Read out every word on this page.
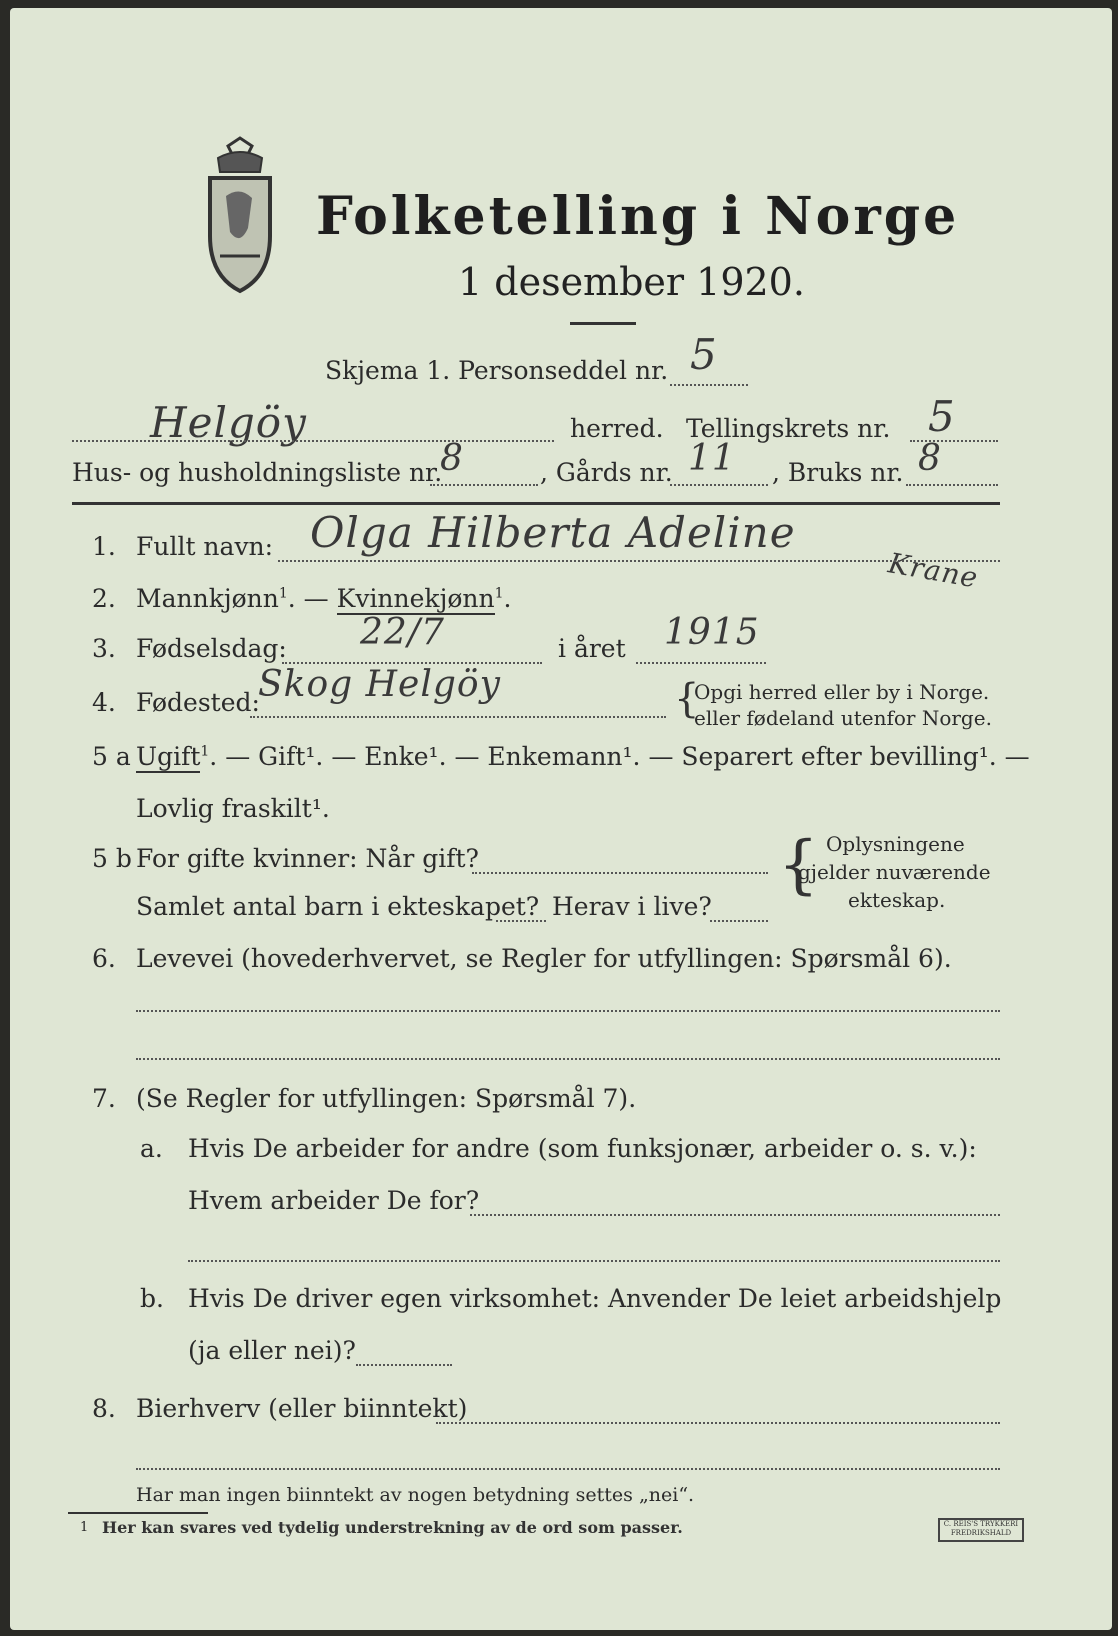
Folketelling i Norge
1 desember 1920.
Skjema 1. Personseddel nr. 5
Helgöy	herred. Tellingskrets nr. 5
Hus- og husholdningsliste nr.
8	, Gårds nr. 11 , Bruks nr. 8
1. Fullt navn: Olga Hilberta Adeline
Krane
2. Mannkjønn$^1$. — Kvinnekjønn$^1$.
3. Fødselsdag: 22/7	i året 1915
4. Fødested:
Skog Helgöy	{
Opgi herred eller by i Norge.
eller fødeland utenfor Norge.
5 a Ugift$^1$. — Gift¹. — Enke¹. — Enkemann¹. — Separert efter bevilling¹. —
Lovlig fraskilt¹.
5 b For gifte kvinner: Når gift?
Samlet antal barn i ekteskapet? Herav i live?
{ Oplysningene
gjelder nuværende
ekteskap.
6. Levevei (hovederhvervet, se Regler for utfyllingen: Spørsmål 6).
7. (Se Regler for utfyllingen: Spørsmål 7).
a. Hvis De arbeider for andre (som funksjonær, arbeider o. s. v.):
Hvem arbeider De for?
b. Hvis De driver egen virksomhet: Anvender De leiet arbeidshjelp
(ja eller nei)?
8. Bierhverv (eller biinntekt)
Har man ingen biinntekt av nogen betydning settes „nei“.
1 Her kan svares ved tydelig understrekning av de ord som passer.	C. REIS'S TRYKKERI
FREDRIKSHALD
